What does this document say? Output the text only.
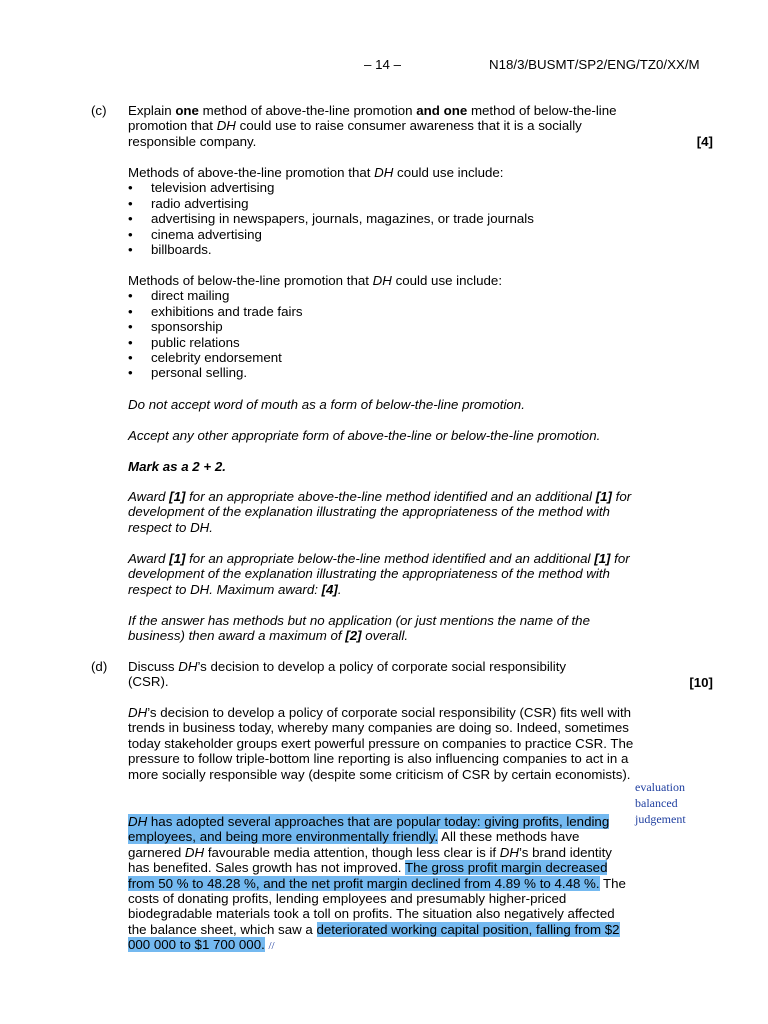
– 14 –	N18/3/BUSMT/SP2/ENG/TZ0/XX/M
(c) Explain one method of above-the-line promotion and one method of below-the-line promotion that DH could use to raise consumer awareness that it is a socially responsible company.	[4]

Methods of above-the-line promotion that DH could use include:

• television advertising
• radio advertising
• advertising in newspapers, journals, magazines, or trade journals
• cinema advertising
• billboards.

Methods of below-the-line promotion that DH could use include:

• direct mailing
• exhibitions and trade fairs
• sponsorship
• public relations
• celebrity endorsement
• personal selling.
Do not accept word of mouth as a form of below-the-line promotion.
Accept any other appropriate form of above-the-line or below-the-line promotion.
Mark as a 2 + 2.
Award [1] for an appropriate above-the-line method identified and an additional [1] for development of the explanation illustrating the appropriateness of the method with respect to DH.
Award [1] for an appropriate below-the-line method identified and an additional [1] for development of the explanation illustrating the appropriateness of the method with respect to DH. Maximum award: [4].
If the answer has methods but no application (or just mentions the name of the business) then award a maximum of [2] overall.
(d) Discuss DH’s decision to develop a policy of corporate social responsibility (CSR).	[10]
DH’s decision to develop a policy of corporate social responsibility (CSR) fits well with trends in business today, whereby many companies are doing so. Indeed, sometimes today stakeholder groups exert powerful pressure on companies to practice CSR. The pressure to follow triple-bottom line reporting is also influencing companies to act in a more socially responsible way (despite some criticism of CSR by certain economists).
DH has adopted several approaches that are popular today: giving profits, lending employees, and being more environmentally friendly. All these methods have garnered DH favourable media attention, though less clear is if DH’s brand identity has benefited. Sales growth has not improved. The gross profit margin decreased from 50 % to 48.28 %, and the net profit margin declined from 4.89 % to 4.48 %. The costs of donating profits, lending employees and presumably higher-priced biodegradable materials took a toll on profits. The situation also negatively affected the balance sheet, which saw a deteriorated working capital position, falling from $2 000 000 to $1 700 000. //
evaluation
balanced
judgement
